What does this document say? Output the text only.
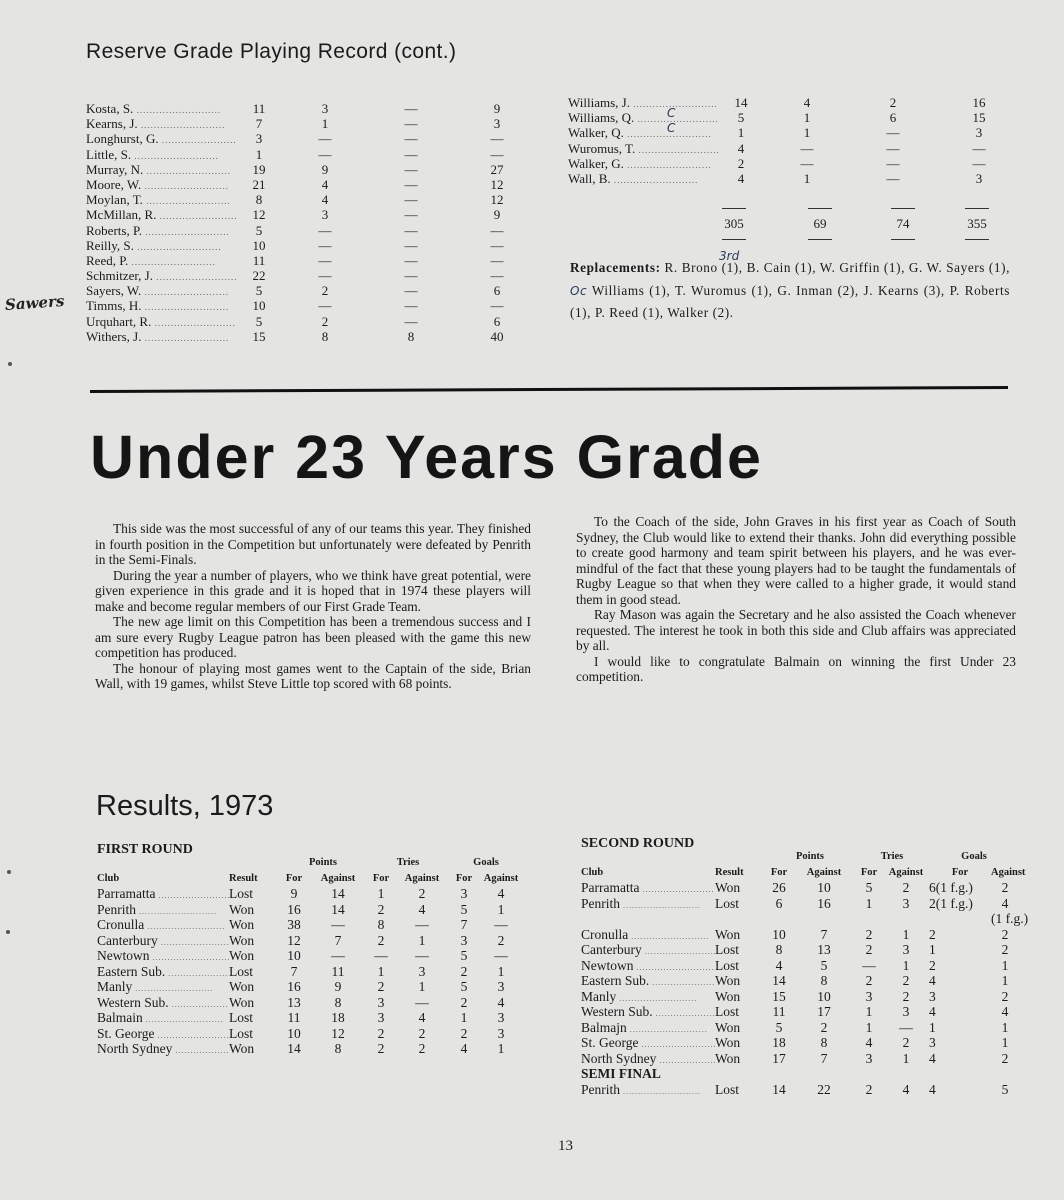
Reserve Grade Playing Record (cont.)
Kosta, S. .....	11	3	—	9
Kearns, J. .....	7	1	—	3
Longhurst, G. .....	3	—	—	—
Little, S. .....	1	—	—	—
Murray, N. .....	19	9	—	27
Moore, W. .....	21	4	—	12
Moylan, T. .....	8	4	—	12
McMillan, R. .....	12	3	—	9
Roberts, P. .....	5	—	—	—
Reilly, S. .....	10	—	—	—
Reed, P. .....	11	—	—	—
Schmitzer, J. .....	22	—	—	—
Sayers, W. .....	5	2	—	6
Timms, H. .....	10	—	—	—
Urquhart, R. .....	5	2	—	6
Withers, J. .....	15	8	8	40
Williams, J. .....	14	4	2	16
Williams, Q. .....	5	1	6	15
Walker, Q. .....	1	1	—	3
Wuromus, T. .....	4	—	—	—
Walker, G. .....	2	—	—	—
Wall, B. .....	4	1	—	3
305	69	74	355
3rd
C
C
Replacements: R. Brono (1), B. Cain (1), W. Griffin (1), G. W. Sayers (1), Oc Williams (1), T. Wuromus (1), G. Inman (2), J. Kearns (3), P. Roberts (1), P. Reed (1), Walker (2).
Sawers
Under 23 Years Grade

This side was the most successful of any of our teams this year. They finished in fourth position in the Competition but unfortunately were defeated by Penrith in the Semi-Finals.

During the year a number of players, who we think have great potential, were given experience in this grade and it is hoped that in 1974 these players will make and become regular members of our First Grade Team.

The new age limit on this Competition has been a tremendous success and I am sure every Rugby League patron has been pleased with the game this new competition has produced.

The honour of playing most games went to the Captain of the side, Brian Wall, with 19 games, whilst Steve Little top scored with 68 points.

To the Coach of the side, John Graves in his first year as Coach of South Sydney, the Club would like to extend their thanks. John did everything possible to create good harmony and team spirit between his players, and he was ever-mindful of the fact that these young players had to be taught the fundamentals of Rugby League so that when they were called to a higher grade, it would stand them in good stead.

Ray Mason was again the Secretary and he also assisted the Coach whenever requested. The interest he took in both this side and Club affairs was appreciated by all.

I would like to congratulate Balmain on winning the first Under 23 competition.

Results, 1973
FIRST ROUND
Points	Tries	Goals
Club	Result	For	Against	For	Against	For	Against
Parramatta .....	Lost	9	14	1	2	3	4
Penrith .....	Won	16	14	2	4	5	1
Cronulla .....	Won	38	—	8	—	7	—
Canterbury .....	Won	12	7	2	1	3	2
Newtown .....	Won	10	—	—	—	5	—
Eastern Sub. .....	Lost	7	11	1	3	2	1
Manly .....	Won	16	9	2	1	5	3
Western Sub. .....	Won	13	8	3	—	2	4
Balmain .....	Lost	11	18	3	4	1	3
St. George .....	Lost	10	12	2	2	2	3
North Sydney .....	Won	14	8	2	2	4	1
SECOND ROUND
Points	Tries	Goals
Club	Result	For	Against	For	Against	For	Against
Parramatta .....	Won	26	10	5	2	6(1 f.g.)	2
Penrith .....	Lost	6	16	1	3	2(1 f.g.)	4
(1 f.g.)
Cronulla .....	Won	10	7	2	1	2	2
Canterbury .....	Lost	8	13	2	3	1	2
Newtown .....	Lost	4	5	—	1	2	1
Eastern Sub. .....	Won	14	8	2	2	4	1
Manly .....	Won	15	10	3	2	3	2
Western Sub. .....	Lost	11	17	1	3	4	4
Balmajn .....	Won	5	2	1	—	1	1
St. George .....	Won	18	8	4	2	3	1
North Sydney .....	Won	17	7	3	1	4	2
SEMI FINAL
Penrith .....	Lost	14	22	2	4	4	5
13
